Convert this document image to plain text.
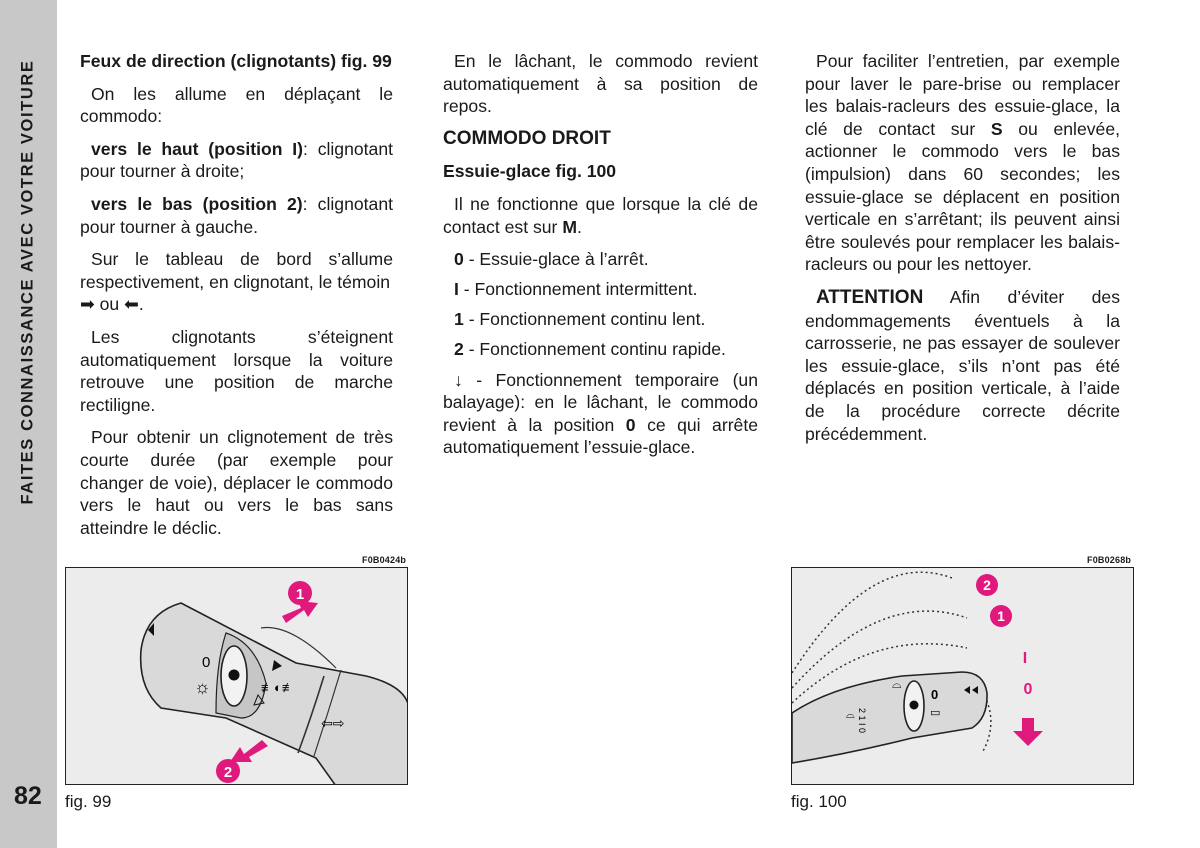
FAITES CONNAISSANCE AVEC VOTRE VOITURE
82

Feux de direction (clignotants) fig. 99

On les allume en déplaçant le commodo:

vers le haut (position I): clignotant pour tourner à droite;

vers le bas (position 2): clignotant pour tourner à gauche.

Sur le tableau de bord s’allume respectivement, en clignotant, le témoin
➡ ou ⬅.

Les clignotants s’éteignent automatiquement lorsque la voiture retrouve une position de marche rectiligne.

Pour obtenir un clignotement de très courte durée (par exemple pour changer de voie), déplacer le commodo vers le haut ou vers le bas sans atteindre le déclic.

En le lâchant, le commodo revient automatiquement à sa position de repos.

COMMODO DROIT

Essuie-glace fig. 100

Il ne fonctionne que lorsque la clé de contact est sur M.

0 - Essuie-glace à l’arrêt.

I - Fonctionnement intermittent.

1 - Fonctionnement continu lent.

2 - Fonctionnement continu rapide.

↓ - Fonctionnement temporaire (un balayage): en le lâchant, le commodo revient à la position 0 ce qui arrête automatiquement l’essuie-glace.

Pour faciliter l’entretien, par exemple pour laver le pare-brise ou remplacer les balais-racleurs des essuie-glace, la clé de contact sur S ou enlevée, actionner le commodo vers le bas (impulsion) dans 60 secondes; les essuie-glace se déplacent en position verticale en s’arrêtant; ils peuvent ainsi être soulevés pour remplacer les balais-racleurs ou pour les nettoyer.

ATTENTION Afin d’éviter des endommagements éventuels à la carrosserie, ne pas essayer de soulever les essuie-glace, s’ils n’ont pas été déplacés en position verticale, à l’aide de la procédure correcte décrite précédemment.

F0B0424b
0
☼	≢◐≢
⇦⇨
1
2
fig. 99
F0B0268b
2 1 I 0
0
⌓
⌓	▭
2
1
I
0
fig. 100
